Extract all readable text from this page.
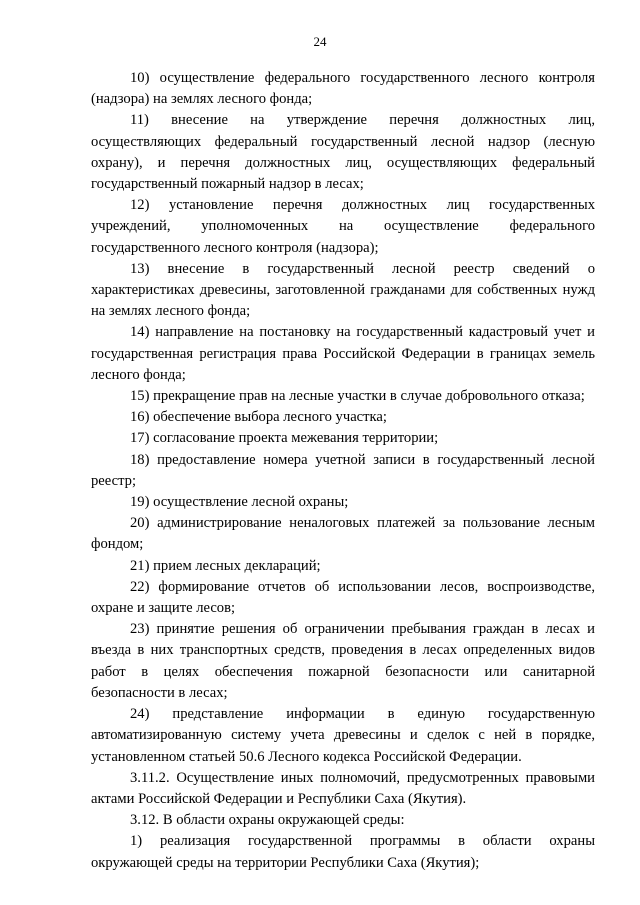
24

10) осуществление федерального государственного лесного контроля (надзора) на землях лесного фонда;

11) внесение на утверждение перечня должностных лиц, осуществляющих федеральный государственный лесной надзор (лесную охрану), и перечня должностных лиц, осуществляющих федеральный государственный пожарный надзор в лесах;

12) установление перечня должностных лиц государственных учреждений, уполномоченных на осуществление федерального государственного лесного контроля (надзора);

13) внесение в государственный лесной реестр сведений о характеристиках древесины, заготовленной гражданами для собственных нужд на землях лесного фонда;

14) направление на постановку на государственный кадастровый учет и государственная регистрация права Российской Федерации в границах земель лесного фонда;

15) прекращение прав на лесные участки в случае добровольного отказа;

16) обеспечение выбора лесного участка;

17) согласование проекта межевания территории;

18) предоставление номера учетной записи в государственный лесной реестр;

19) осуществление лесной охраны;

20) администрирование неналоговых платежей за пользование лесным фондом;

21) прием лесных деклараций;

22) формирование отчетов об использовании лесов, воспроизводстве, охране и защите лесов;

23) принятие решения об ограничении пребывания граждан в лесах и въезда в них транспортных средств, проведения в лесах определенных видов работ в целях обеспечения пожарной безопасности или санитарной безопасности в лесах;

24) представление информации в единую государственную автоматизированную систему учета древесины и сделок с ней в порядке, установленном статьей 50.6 Лесного кодекса Российской Федерации.

3.11.2. Осуществление иных полномочий, предусмотренных правовыми актами Российской Федерации и Республики Саха (Якутия).

3.12. В области охраны окружающей среды:

1) реализация государственной программы в области охраны окружающей среды на территории Республики Саха (Якутия);
